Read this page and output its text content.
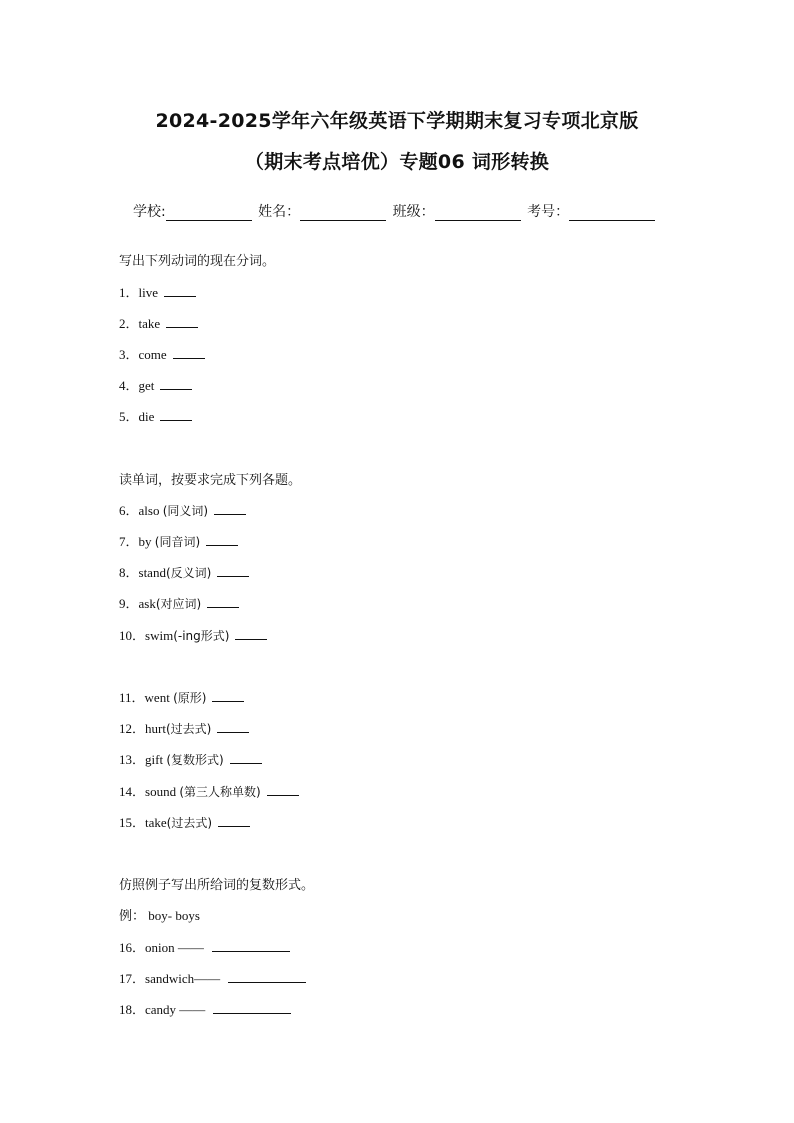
2024-2025学年六年级英语下学期期末复习专项北京版
（期末考点培优）专题06 词形转换
学校:	姓名：	班级：	考号：
写出下列动词的现在分词。
1．live
2．take
3．come
4．get
5．die
读单词，按要求完成下列各题。
6．also (同义词)
7．by (同音词)
8．stand(反义词)
9．ask(对应词)
10．swim(-ing形式)
11．went (原形)
12．hurt(过去式)
13．gift (复数形式)
14．sound (第三人称单数)
15．take(过去式)
仿照例子写出所给词的复数形式。
例： boy- boys
16．onion ——
17．sandwich——
18．candy ——
